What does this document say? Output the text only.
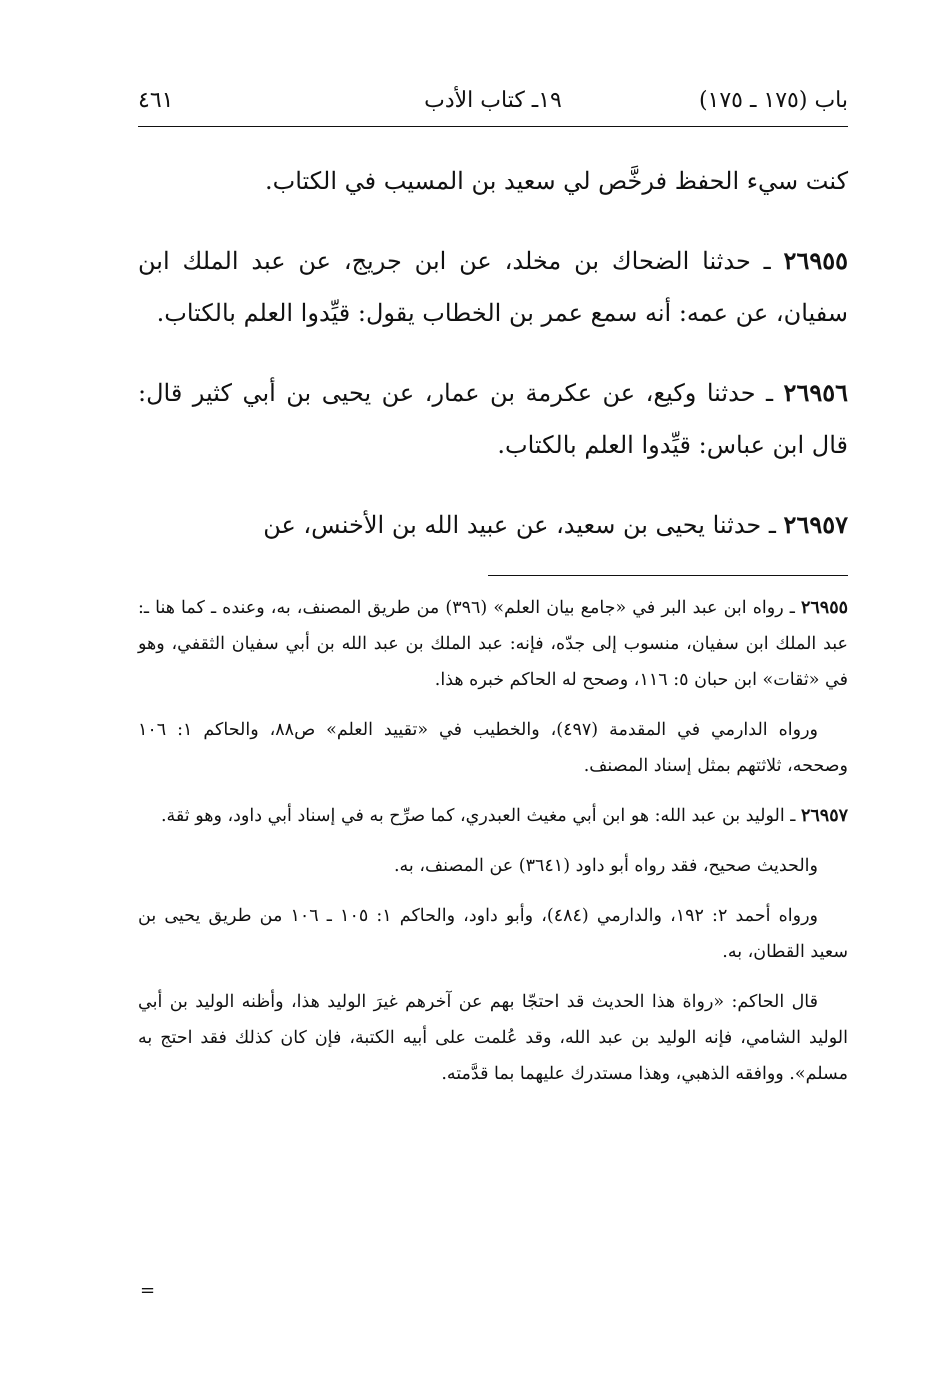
باب (١٧٥ ـ ١٧٥)
١٩ـ كتاب الأدب
٤٦١

كنت سيء الحفظ فرخَّص لي سعيد بن المسيب في الكتاب.

٢٦٩٥٥ ـ حدثنا الضحاك بن مخلد، عن ابن جريج، عن عبد الملك ابن سفيان، عن عمه: أنه سمع عمر بن الخطاب يقول: قيِّدوا العلم بالكتاب.

٢٦٩٥٦ ـ حدثنا وكيع، عن عكرمة بن عمار، عن يحيى بن أبي كثير قال: قال ابن عباس: قيِّدوا العلم بالكتاب.

٢٦٩٥٧ ـ حدثنا يحيى بن سعيد، عن عبيد الله بن الأخنس، عن

٢٦٩٥٥ ـ رواه ابن عبد البر في «جامع بيان العلم» (٣٩٦) من طريق المصنف، به، وعنده ـ كما هنا ـ: عبد الملك ابن سفيان، منسوب إلى جدّه، فإنه: عبد الملك بن عبد الله بن أبي سفيان الثقفي، وهو في «ثقات» ابن حبان ٥: ١١٦، وصحح له الحاكم خبره هذا.

ورواه الدارمي في المقدمة (٤٩٧)، والخطيب في «تقييد العلم» ص٨٨، والحاكم ١: ١٠٦ وصححه، ثلاثتهم بمثل إسناد المصنف.

٢٦٩٥٧ ـ الوليد بن عبد الله: هو ابن أبي مغيث العبدري، كما صرِّح به في إسناد أبي داود، وهو ثقة.

والحديث صحيح، فقد رواه أبو داود (٣٦٤١) عن المصنف، به.

ورواه أحمد ٢: ١٩٢، والدارمي (٤٨٤)، وأبو داود، والحاكم ١: ١٠٥ ـ ١٠٦ من طريق يحيى بن سعيد القطان، به.

قال الحاكم: «رواة هذا الحديث قد احتجّا بهم عن آخرهم غيرَ الوليد هذا، وأظنه الوليد بن أبي الوليد الشامي، فإنه الوليد بن عبد الله، وقد عُلمت على أبيه الكتبة، فإن كان كذلك فقد احتج به مسلم». ووافقه الذهبي، وهذا مستدرك عليهما بما قدَّمته.

=
